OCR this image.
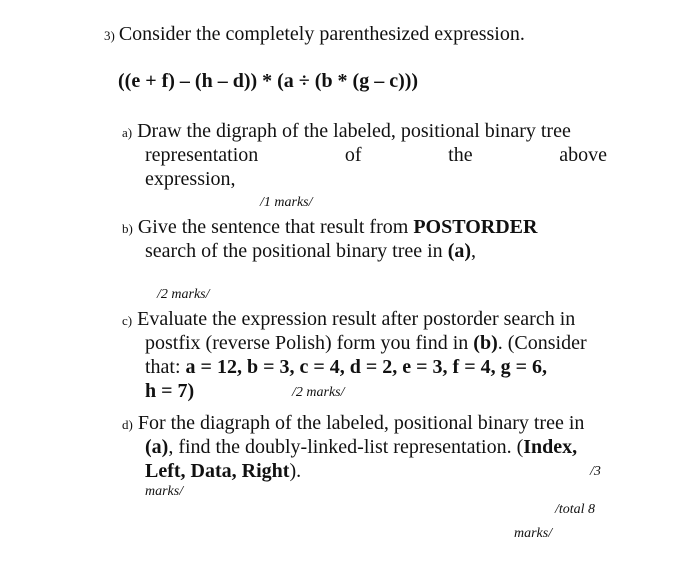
3) Consider the completely parenthesized expression.
((e + f) – (h – d)) * (a ÷ (b * (g – c)))
a) Draw the digraph of the labeled, positional binary tree
representation	of	the	above
expression,
/1 marks/
b) Give the sentence that result from POSTORDER
search of the positional binary tree in (a),
/2 marks/
c) Evaluate the expression result after postorder search in
postfix (reverse Polish) form you find in (b). (Consider
that: a = 12, b = 3, c = 4, d = 2, e = 3, f = 4, g = 6,
h = 7)	/2 marks/
d) For the diagraph of the labeled, positional binary tree in
(a), find the doubly-linked-list representation. (Index,
Left, Data, Right).	/3
marks/
/total 8
marks/
